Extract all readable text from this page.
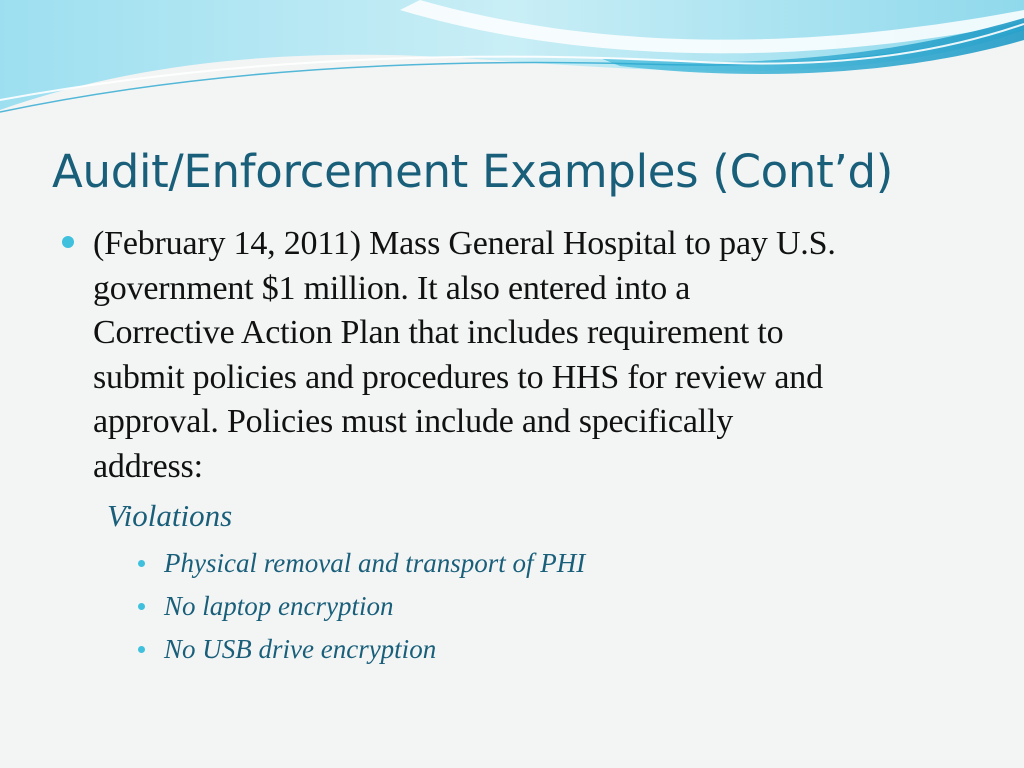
Audit/Enforcement Examples (Cont’d)

(February 14, 2011) Mass General Hospital to pay U.S.
government $1 million. It also entered into a
Corrective Action Plan that includes requirement to
submit policies and procedures to HHS for review and
approval. Policies must include and specifically
address:

Violations

Physical removal and transport of PHI
No laptop encryption
No USB drive encryption
